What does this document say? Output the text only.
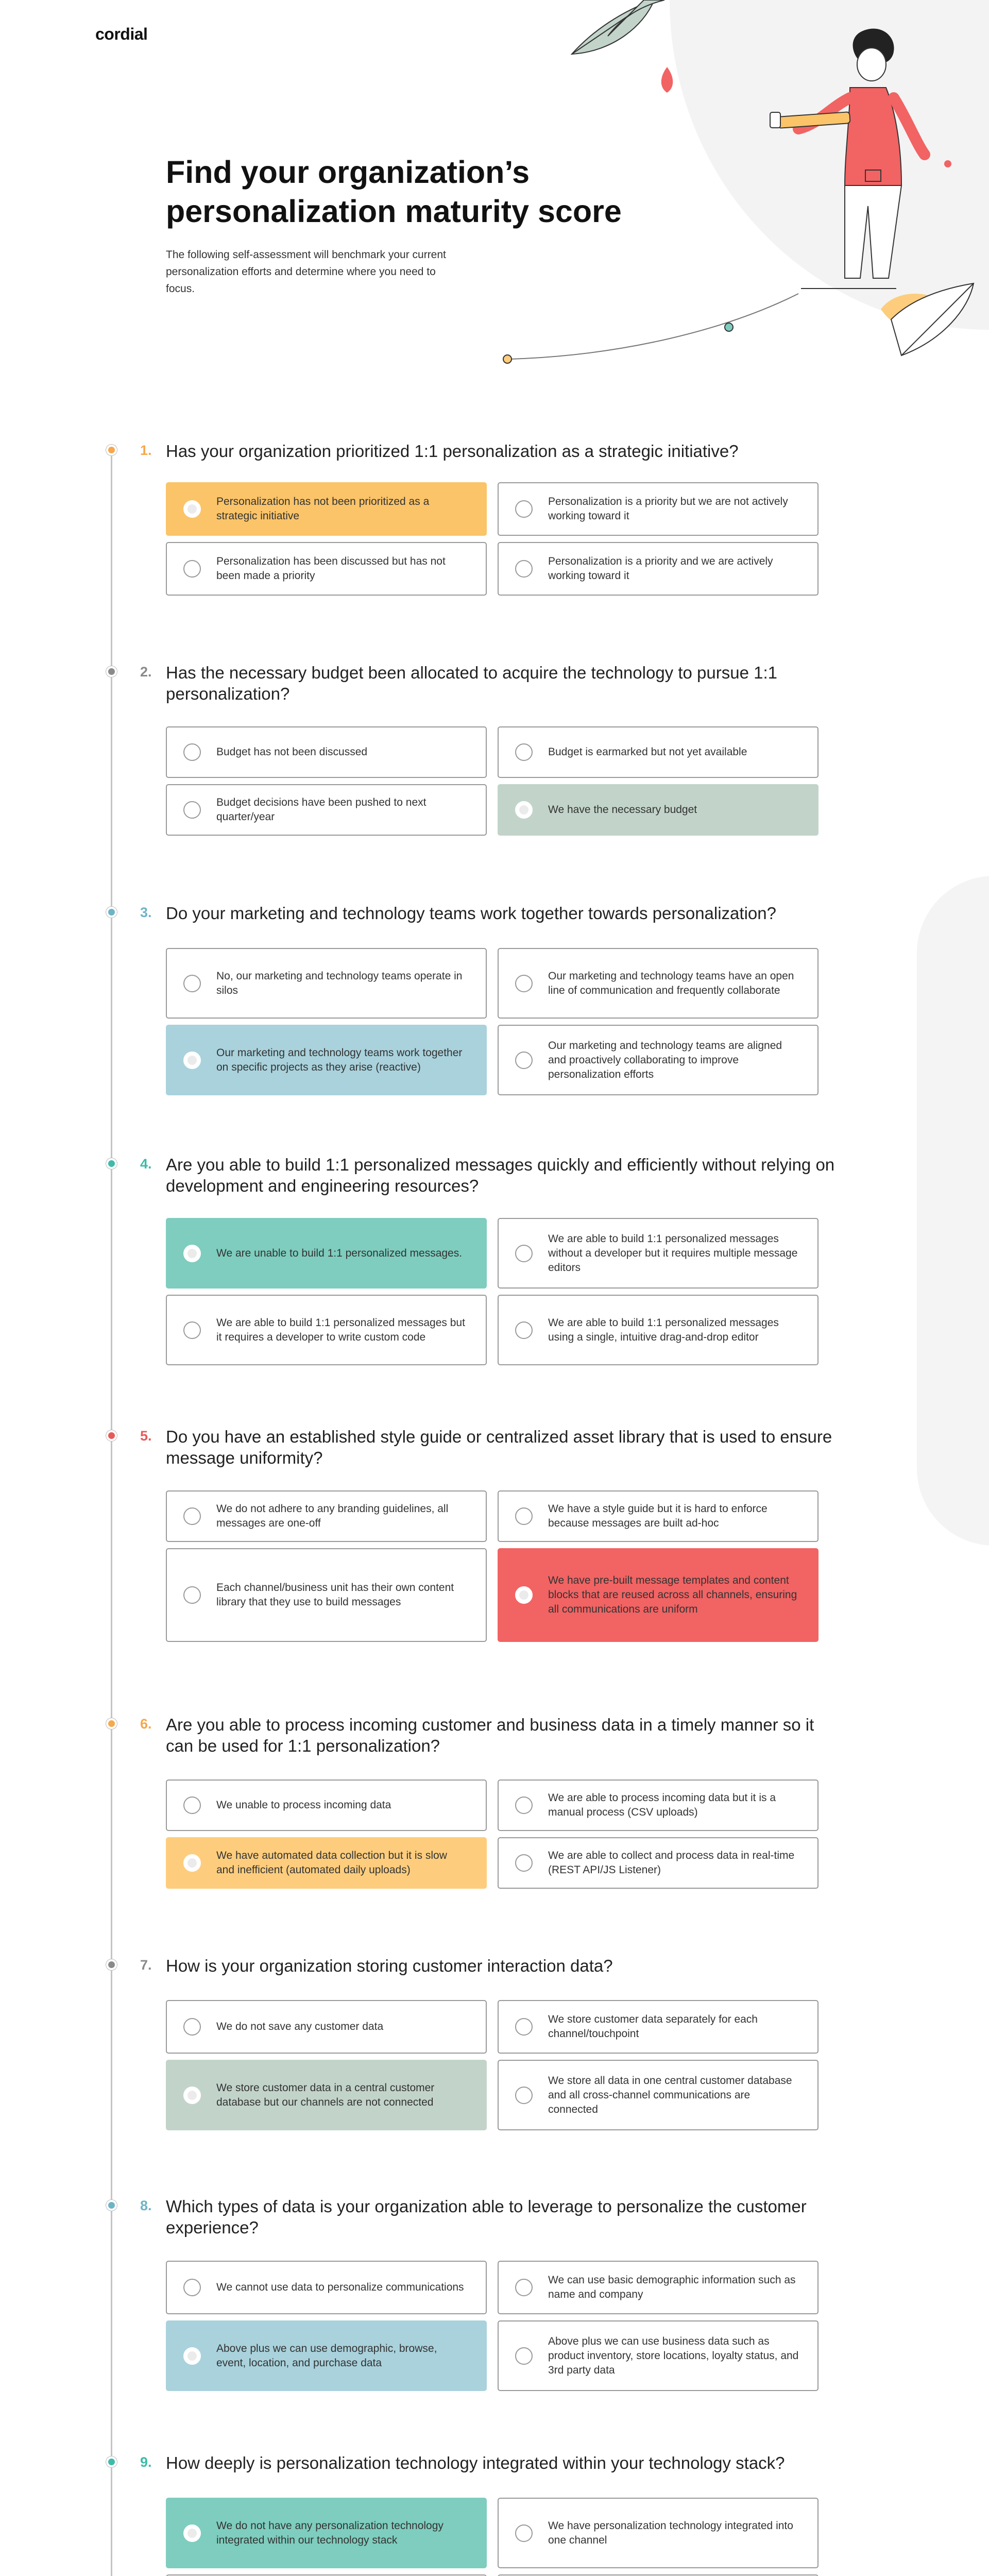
cordial
Find your organization’s personalization maturity score

The following self-assessment will benchmark your current personalization efforts and determine where you need to focus.

1. Has your organization prioritized 1:1 personalization as a strategic initiative?
Personalization has not been prioritized as a strategic initiative
Personalization is a priority but we are not actively working toward it
Personalization has been discussed but has not been made a priority
Personalization is a priority and we are actively working toward it
2. Has the necessary budget been allocated to acquire the technology to pursue 1:1 personalization?
Budget has not been discussed	Budget is earmarked but not yet available
Budget decisions have been pushed to next quarter/year
We have the necessary budget
3. Do your marketing and technology teams work together towards personalization?
No, our marketing and technology teams operate in silos
Our marketing and technology teams have an open line of communication and frequently collaborate
Our marketing and technology teams work together on specific projects as they arise (reactive)
Our marketing and technology teams are aligned and proactively collaborating to improve personalization efforts
4. Are you able to build 1:1 personalized messages quickly and efficiently without relying on development and engineering resources?
We are unable to build 1:1 personalized messages.
We are able to build 1:1 personalized messages without a developer but it requires multiple message editors
We are able to build 1:1 personalized messages but it requires a developer to write custom code
We are able to build 1:1 personalized messages using a single, intuitive drag-and-drop editor
5. Do you have an established style guide or centralized asset library that is used to ensure message uniformity?
We do not adhere to any branding guidelines, all messages are one-off
We have a style guide but it is hard to enforce because messages are built ad-hoc
Each channel/business unit has their own content library that they use to build messages
We have pre-built message templates and content blocks that are reused across all channels, ensuring all communications are uniform
6. Are you able to process incoming customer and business data in a timely manner so it can be used for 1:1 personalization?
We unable to process incoming data
We are able to process incoming data but it is a manual process (CSV uploads)
We have automated data collection but it is slow and inefficient (automated daily uploads)
We are able to collect and process data in real-time (REST API/JS Listener)
7. How is your organization storing customer interaction data?
We do not save any customer data
We store customer data separately for each channel/touchpoint
We store customer data in a central customer database but our channels are not connected
We store all data in one central customer database and all cross-channel communications are connected
8. Which types of data is your organization able to leverage to personalize the customer experience?
We cannot use data to personalize communications
We can use basic demographic information such as name and company
Above plus we can use demographic, browse, event, location, and purchase data
Above plus we can use business data such as product inventory, store locations, loyalty status, and 3rd party data
9. How deeply is personalization technology integrated within your technology stack?
We do not have any personalization technology integrated within our technology stack
We have personalization technology integrated into one channel
